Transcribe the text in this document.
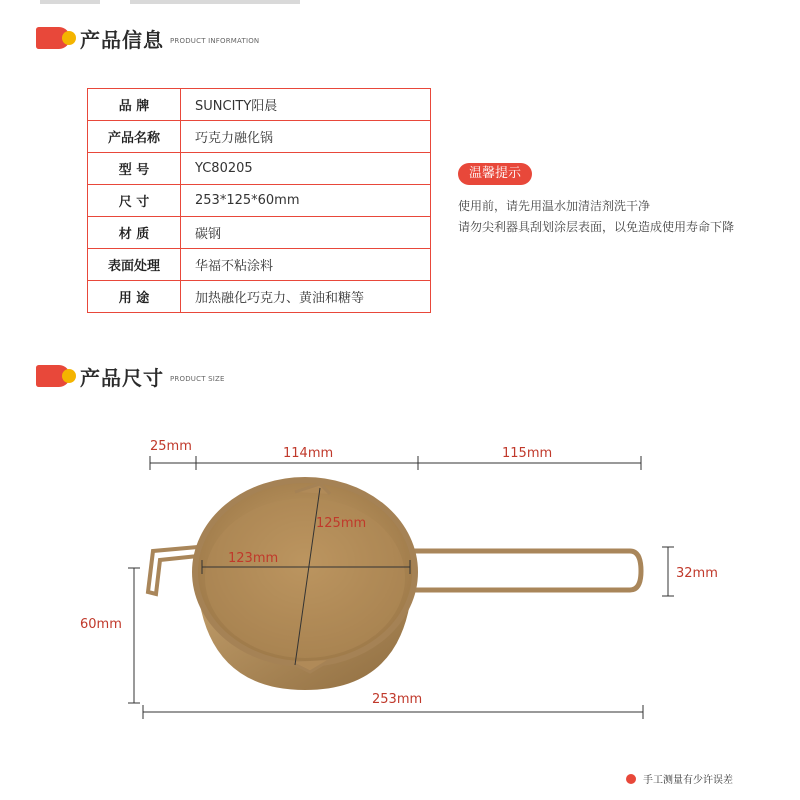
产品信息 PRODUCT INFORMATION
品 牌	SUNCITY阳晨
产品名称	巧克力融化锅
型 号	YC80205
尺 寸	253*125*60mm
材 质	碳钢
表面处理	华福不粘涂料
用 途	加热融化巧克力、黄油和糖等
温馨提示
使用前，请先用温水加清洁剂洗干净
请勿尖利器具刮划涂层表面，以免造成使用寿命下降
产品尺寸 PRODUCT SIZE
25mm	114mm	115mm
125mm
123mm
32mm
60mm
253mm
手工测量有少许误差
